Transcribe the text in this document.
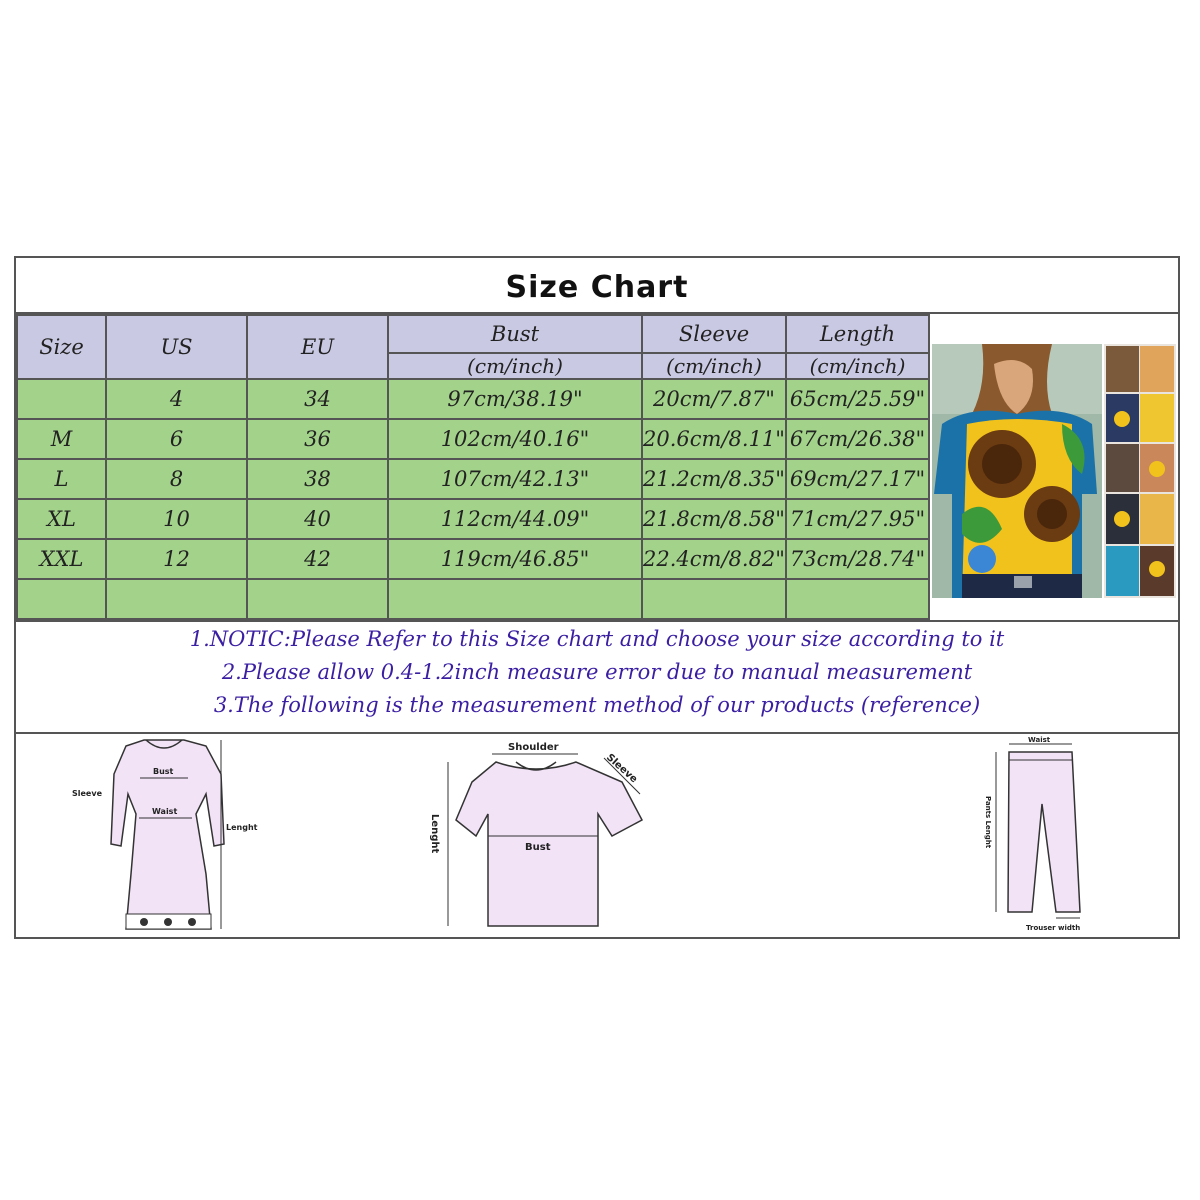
Size Chart
Size	US	EU	Bust	Sleeve	Length
			(cm/inch)	(cm/inch)	(cm/inch)
	4	34	97cm/38.19"	20cm/7.87"	65cm/25.59"
M	6	36	102cm/40.16"	20.6cm/8.11"	67cm/26.38"
L	8	38	107cm/42.13"	21.2cm/8.35"	69cm/27.17"
XL	10	40	112cm/44.09"	21.8cm/8.58"	71cm/27.95"
XXL	12	42	119cm/46.85"	22.4cm/8.82"	73cm/28.74"

1.NOTIC:Please Refer to this Size chart and choose your size according to it
2.Please allow 0.4-1.2inch measure error due to manual measurement
3.The following is the measurement method of our products (reference)
Bust
Waist
Sleeve
Lenght
Shoulder
Bust
Sleeve
Lenght
Waist
Pants Lenght
Trouser width
